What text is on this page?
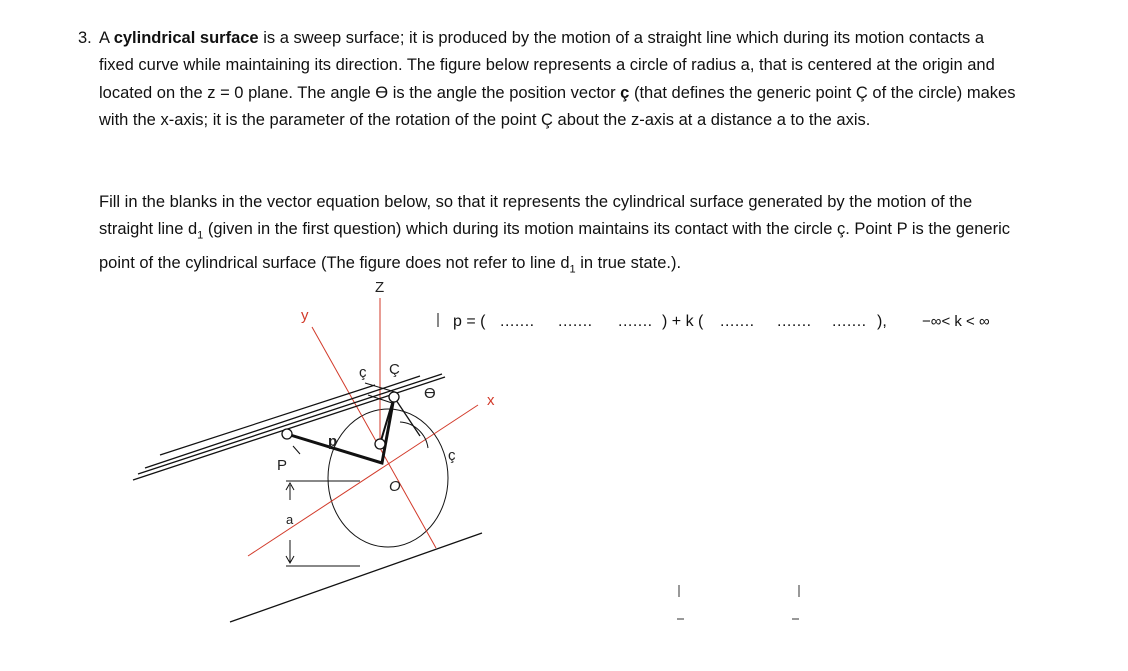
3. A cylindrical surface is a sweep surface; it is produced by the motion of a straight line which during its motion contacts a fixed curve while maintaining its direction. The figure below represents a circle of radius a, that is centered at the origin and located on the z = 0 plane. The angle ϴ is the angle the position vector ç (that defines the generic point Ç of the circle) makes with the x-axis; it is the parameter of the rotation of the point Ç about the z-axis at a distance a to the axis.

Fill in the blanks in the vector equation below, so that it represents the cylindrical surface generated by the motion of the straight line $d_1$ (given in the first question) which during its motion maintains its contact with the circle ç. Point P is the generic point of the cylindrical surface (The figure does not refer to line $d_1$ in true state.).

Z
y
x
ç Ç
ϴ
p
P
a
ç
O
p = ( ....... ....... ....... ) + k ( ....... ....... ....... ), −∞< k < ∞
